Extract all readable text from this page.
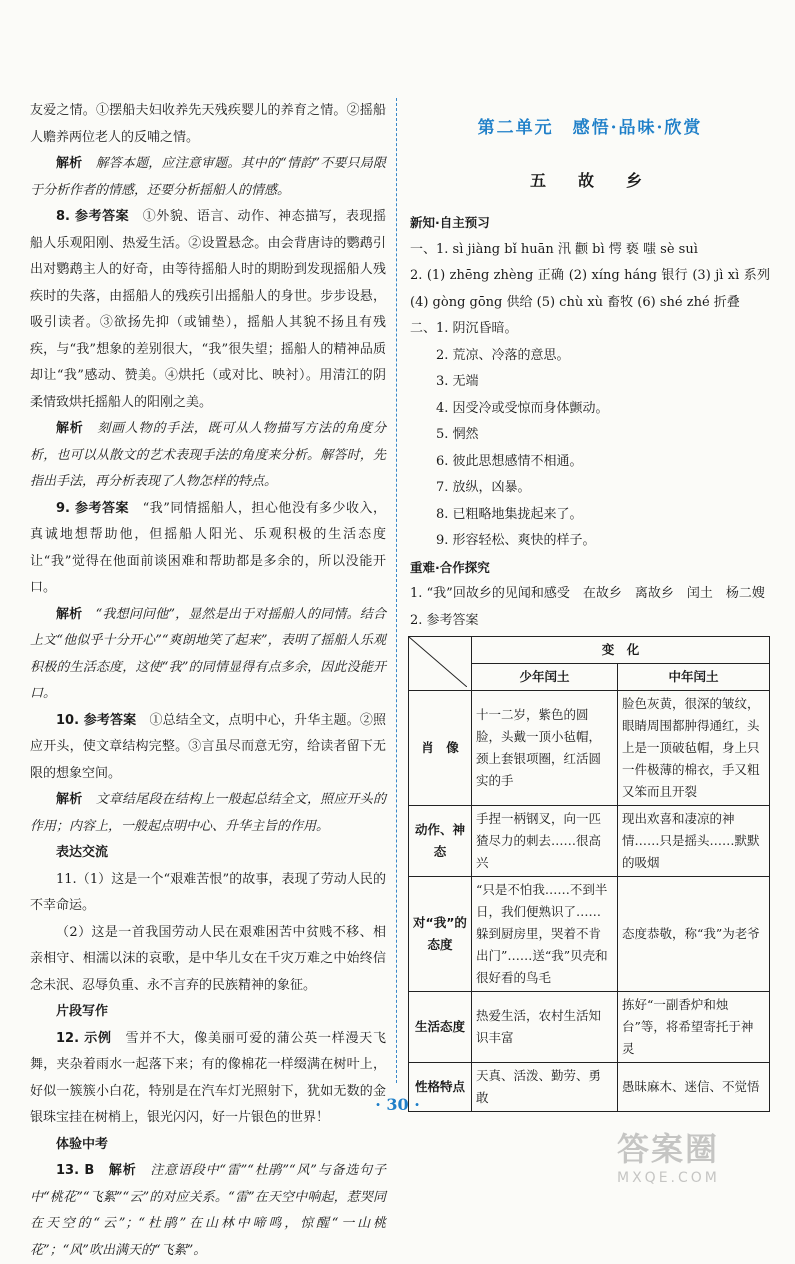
友爱之情。①摆船夫妇收养先天残疾婴儿的养育之情。②摇船人赡养两位老人的反哺之情。

解析　 解答本题，应注意审题。其中的“情韵”不要只局限于分析作者的情感，还要分析摇船人的情感。

8. 参考答案　 ①外貌、语言、动作、神态描写，表现摇船人乐观阳刚、热爱生活。②设置悬念。由会背唐诗的鹦鹉引出对鹦鹉主人的好奇，由等待摇船人时的期盼到发现摇船人残疾时的失落，由摇船人的残疾引出摇船人的身世。步步设悬，吸引读者。③欲扬先抑（或铺垫），摇船人其貌不扬且有残疾，与“我”想象的差别很大，“我”很失望；摇船人的精神品质却让“我”感动、赞美。④烘托（或对比、映衬）。用清江的阴柔情致烘托摇船人的阳刚之美。

解析　 刻画人物的手法，既可从人物描写方法的角度分析，也可以从散文的艺术表现手法的角度来分析。解答时，先指出手法，再分析表现了人物怎样的特点。

9. 参考答案　 “我”同情摇船人，担心他没有多少收入，真诚地想帮助他，但摇船人阳光、乐观积极的生活态度让“我”觉得在他面前谈困难和帮助都是多余的，所以没能开口。

解析　 “我想问问他”，显然是出于对摇船人的同情。结合上文“他似乎十分开心”“爽朗地笑了起来”，表明了摇船人乐观积极的生活态度，这使“我”的同情显得有点多余，因此没能开口。

10. 参考答案　 ①总结全文，点明中心，升华主题。②照应开头，使文章结构完整。③言虽尽而意无穷，给读者留下无限的想象空间。

解析　 文章结尾段在结构上一般起总结全文，照应开头的作用；内容上，一般起点明中心、升华主旨的作用。

表达交流

11.（1）这是一个“艰难苦恨”的故事，表现了劳动人民的不幸命运。

（2）这是一首我国劳动人民在艰难困苦中贫贱不移、相亲相守、相濡以沫的哀歌，是中华儿女在千灾万难之中始终信念未泯、忍辱负重、永不言弃的民族精神的象征。

片段写作

12. 示例　 雪并不大，像美丽可爱的蒲公英一样漫天飞舞，夹杂着雨水一起落下来；有的像棉花一样缀满在树叶上，好似一簇簇小白花，特别是在汽车灯光照射下，犹如无数的金银珠宝挂在树梢上，银光闪闪，好一片银色的世界！

体验中考

13. B　 解析　 注意语段中“雷”“杜鹃”“风”与备选句子中“桃花”“飞絮”“云”的对应关系。“雷”在天空中响起，惹哭同在天空的“云”；“杜鹃”在山林中啼鸣，惊醒“一山桃花”；“风”吹出满天的“飞絮”。

第二单元　感悟·品味·欣赏
五　故　乡

新知·自主预习

一、1. sì jiàng bǐ huān 汛 颧 bì 愕 亵 嗤 sè suì

2. (1) zhēng zhèng 正确 (2) xíng háng 银行 (3) jì xì 系列 (4) gòng gōng 供给 (5) chù xù 畜牧 (6) shé zhé 折叠

二、1. 阴沉昏暗。

2. 荒凉、冷落的意思。

3. 无端

4. 因受冷或受惊而身体颤动。

5. 惘然

6. 彼此思想感情不相通。

7. 放纵，凶暴。

8. 已粗略地集拢起来了。

9. 形容轻松、爽快的样子。

重难·合作探究

1. “我”回故乡的见闻和感受　在故乡　离故乡　闰土　杨二嫂

2. 参考答案

	变　化	
	少年闰土	中年闰土
肖　像	十一二岁，紫色的圆脸，头戴一顶小毡帽，颈上套银项圈，红活圆实的手	脸色灰黄，很深的皱纹，眼睛周围都肿得通红，头上是一顶破毡帽，身上只一件极薄的棉衣，手又粗又笨而且开裂
动作、神态	手捏一柄钢叉，向一匹猹尽力的刺去……很高兴	现出欢喜和凄凉的神情……只是摇头……默默的吸烟
对“我”的态度	“只是不怕我……不到半日，我们便熟识了……躲到厨房里，哭着不肯出门”……送“我”贝壳和很好看的鸟毛	态度恭敬，称“我”为老爷
生活态度	热爱生活，农村生活知识丰富	拣好“一副香炉和烛台”等，将希望寄托于神灵
性格特点	天真、活泼、勤劳、勇敢	愚昧麻木、迷信、不觉悟
· 30 ·
答案圈
MXQE.COM
